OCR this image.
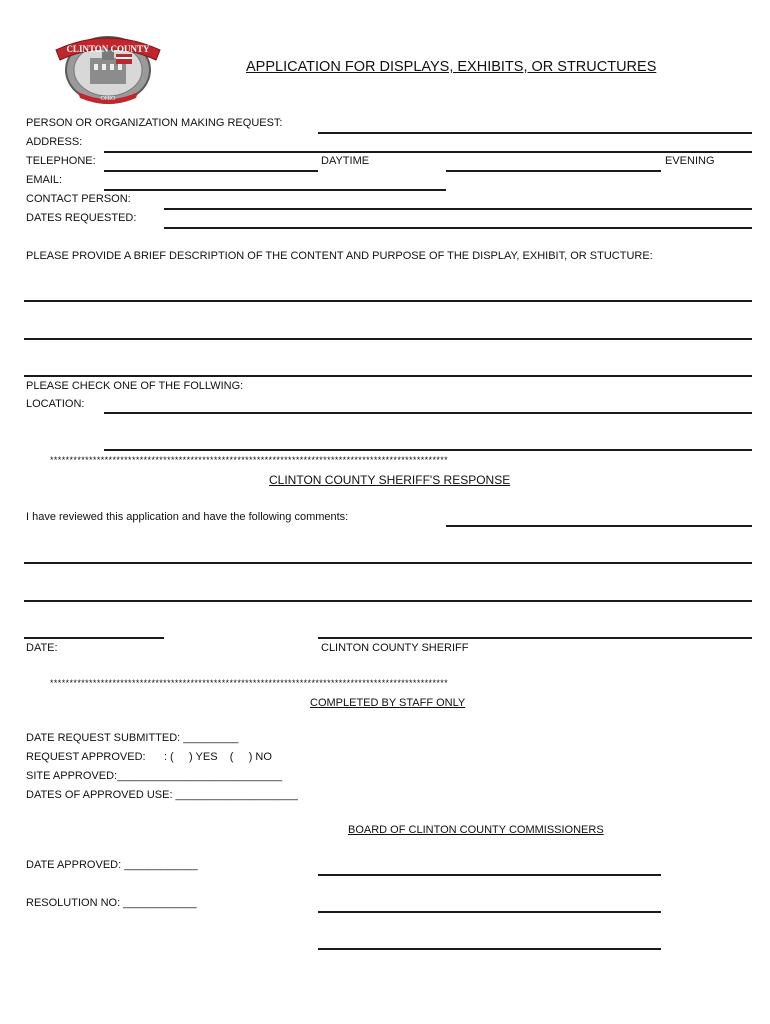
CLINTON COUNTY
OHIO
APPLICATION FOR DISPLAYS, EXHIBITS, OR STRUCTURES
PERSON OR ORGANIZATION MAKING REQUEST:
ADDRESS:
TELEPHONE:	DAYTIME	EVENING
EMAIL:
CONTACT PERSON:
DATES REQUESTED:
PLEASE PROVIDE A BRIEF DESCRIPTION OF THE CONTENT AND PURPOSE OF THE DISPLAY, EXHIBIT, OR STUCTURE:
PLEASE CHECK ONE OF THE FOLLWING:
LOCATION:
******************************************************************************************************
CLINTON COUNTY SHERIFF'S RESPONSE
I have reviewed this application and have the following comments:
DATE:	CLINTON COUNTY SHERIFF
******************************************************************************************************
COMPLETED BY STAFF ONLY
DATE REQUEST SUBMITTED: _________
REQUEST APPROVED:      : (     ) YES    (     ) NO
SITE APPROVED:___________________________
DATES OF APPROVED USE: ____________________
BOARD OF CLINTON COUNTY COMMISSIONERS
DATE APPROVED: ____________
RESOLUTION NO: ____________
